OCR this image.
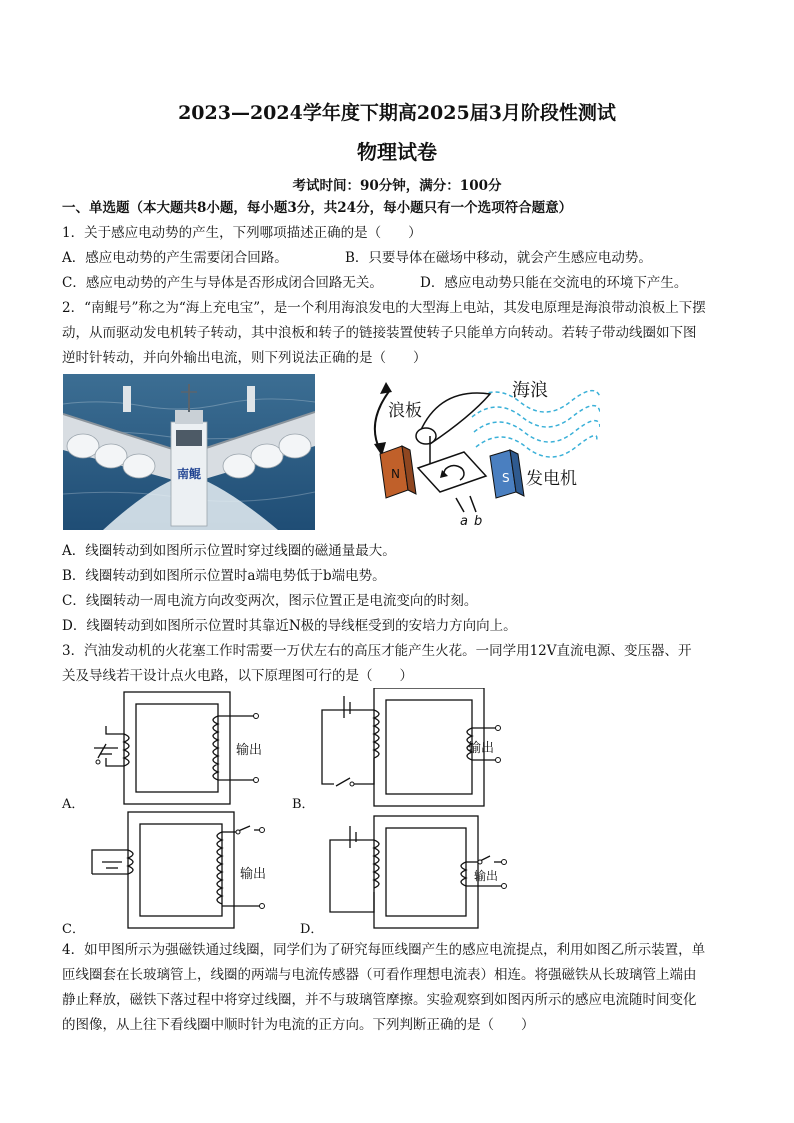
2023—2024学年度下期高2025届3月阶段性测试
物理试卷
考试时间：90分钟，满分：100分
一、单选题（本大题共8小题，每小题3分，共24分，每小题只有一个选项符合题意）
1．关于感应电动势的产生，下列哪项描述正确的是（　　）
A．感应电动势的产生需要闭合回路。	B．只要导体在磁场中移动，就会产生感应电动势。
C．感应电动势的产生与导体是否形成闭合回路无关。	D．感应电动势只能在交流电的环境下产生。
2．“南鲲号”称之为“海上充电宝”，是一个利用海浪发电的大型海上电站，其发电原理是海浪带动浪板上下摆
动，从而驱动发电机转子转动，其中浪板和转子的链接装置使转子只能单方向转动。若转子带动线圈如下图
逆时针转动，并向外输出电流，则下列说法正确的是（　　）
南鲲
浪板
海浪
N	S
a b
发电机
A．线圈转动到如图所示位置时穿过线圈的磁通量最大。
B．线圈转动到如图所示位置时a端电势低于b端电势。
C．线圈转动一周电流方向改变两次，图示位置正是电流变向的时刻。
D．线圈转动到如图所示位置时其靠近N极的导线框受到的安培力方向向上。
3．汽油发动机的火花塞工作时需要一万伏左右的高压才能产生火花。一同学用12V直流电源、变压器、开
关及导线若干设计点火电路，以下原理图可行的是（　　）
输出
A．
输出
B．
输出
C．
输出
D．
4．如甲图所示为强磁铁通过线圈，同学们为了研究每匝线圈产生的感应电流提点，利用如图乙所示装置，单
匝线圈套在长玻璃管上，线圈的两端与电流传感器（可看作理想电流表）相连。将强磁铁从长玻璃管上端由
静止释放，磁铁下落过程中将穿过线圈，并不与玻璃管摩擦。实验观察到如图丙所示的感应电流随时间变化
的图像，从上往下看线圈中顺时针为电流的正方向。下列判断正确的是（　　）
